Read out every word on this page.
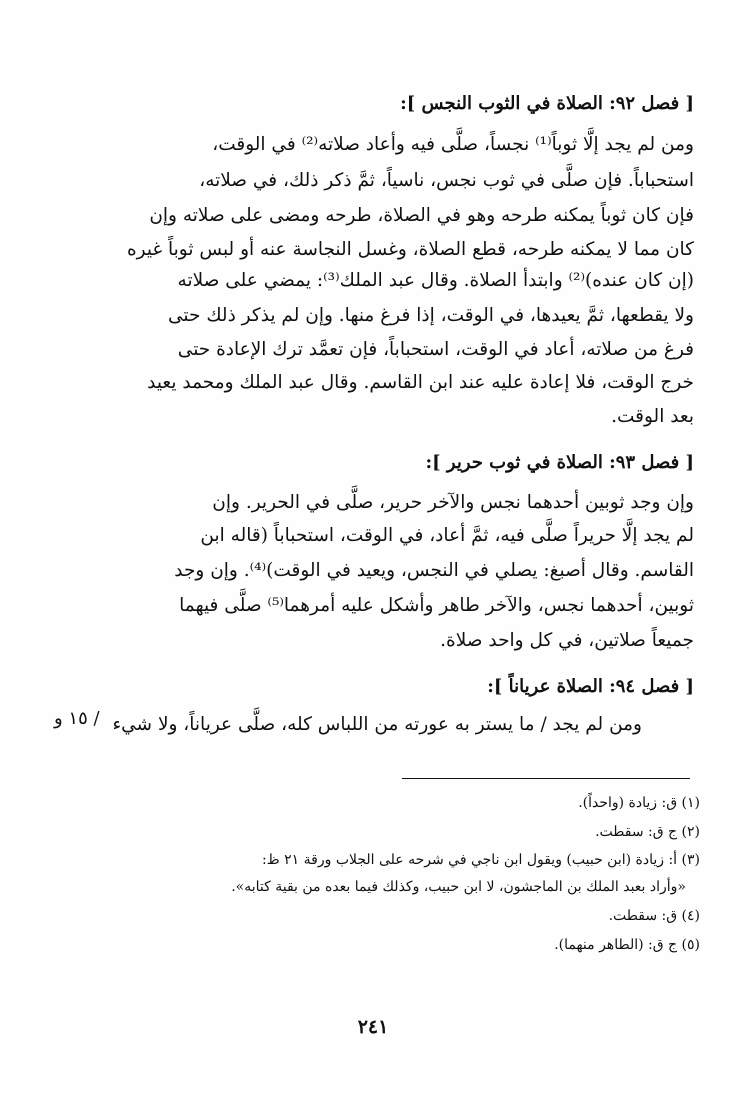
[ فصل ٩٢: الصلاة في الثوب النجس ]:
ومن لم يجد إلَّا ثوباً⁽¹⁾ نجساً، صلَّى فيه وأعاد صلاته⁽²⁾ في الوقت،
استحباباً. فإن صلَّى في ثوب نجس، ناسياً، ثمَّ ذكر ذلك، في صلاته،
فإن كان ثوباً يمكنه طرحه وهو في الصلاة، طرحه ومضى على صلاته وإن
كان مما لا يمكنه طرحه، قطع الصلاة، وغسل النجاسة عنه أو لبس ثوباً غيره
(إن كان عنده)⁽²⁾ وابتدأ الصلاة. وقال عبد الملك⁽³⁾: يمضي على صلاته
ولا يقطعها، ثمَّ يعيدها، في الوقت، إذا فرغ منها. وإن لم يذكر ذلك حتى
فرغ من صلاته، أعاد في الوقت، استحباباً، فإن تعمَّد ترك الإعادة حتى
خرج الوقت، فلا إعادة عليه عند ابن القاسم. وقال عبد الملك ومحمد يعيد
بعد الوقت.
[ فصل ٩٣: الصلاة في ثوب حرير ]:
وإن وجد ثوبين أحدهما نجس والآخر حرير، صلَّى في الحرير. وإن
لم يجد إلَّا حريراً صلَّى فيه، ثمَّ أعاد، في الوقت، استحباباً (قاله ابن
القاسم. وقال أصبغ: يصلي في النجس، ويعيد في الوقت)⁽⁴⁾. وإن وجد
ثوبين، أحدهما نجس، والآخر طاهر وأشكل عليه أمرهما⁽⁵⁾ صلَّى فيهما
جميعاً صلاتين، في كل واحد صلاة.
[ فصل ٩٤: الصلاة عرياناً ]:
ومن لم يجد / ما يستر به عورته من اللباس كله، صلَّى عرياناً، ولا شيء
/ ١٥ و
(١) ق: زيادة (واحداً).
(٢) ج ق: سقطت.
(٣) أ: زيادة (ابن حبيب) ويقول ابن ناجي في شرحه على الجلاب ورقة ٢١ ظ:
«وأراد بعبد الملك بن الماجشون، لا ابن حبيب، وكذلك فيما بعده من بقية كتابه».
(٤) ق: سقطت.
(٥) ج ق: (الطاهر منهما).
٢٤١
